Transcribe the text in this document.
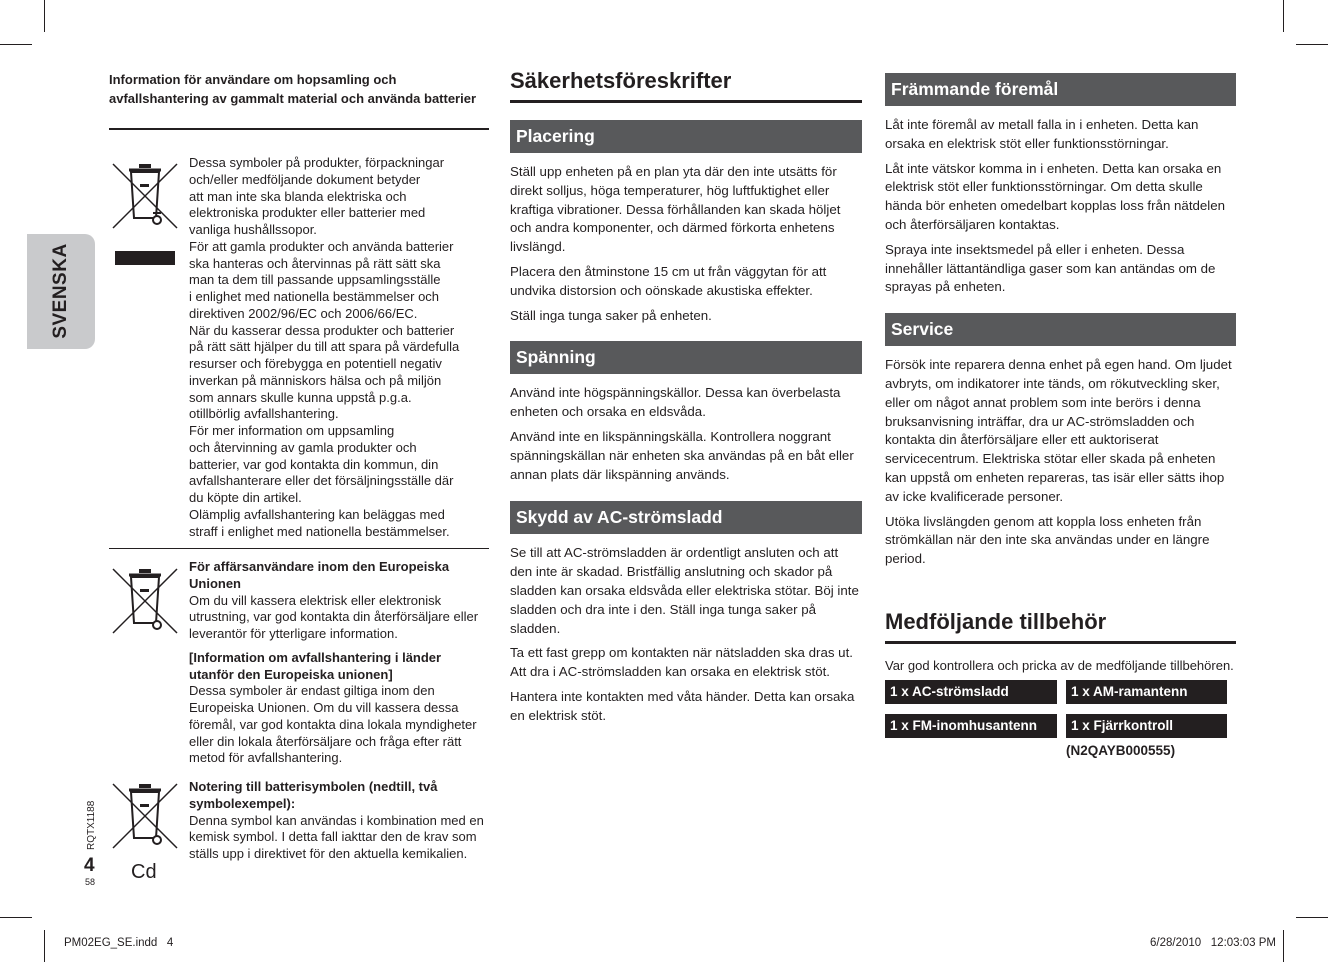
SVENSKA

Information för användare om hopsamling och avfallshantering av gammalt material och använda batterier

Dessa symboler på produkter, förpackningar
och/eller medföljande dokument betyder
att man inte ska blanda elektriska och
elektroniska produkter eller batterier med
vanliga hushållssopor.
För att gamla produkter och använda batterier
ska hanteras och återvinnas på rätt sätt ska
man ta dem till passande uppsamlingsställe
i enlighet med nationella bestämmelser och
direktiven 2002/96/EC och 2006/66/EC.
När du kasserar dessa produkter och batterier
på rätt sätt hjälper du till att spara på värdefulla
resurser och förebygga en potentiell negativ
inverkan på människors hälsa och på miljön
som annars skulle kunna uppstå p.g.a.
otillbörlig avfallshantering.
För mer information om uppsamling
och återvinning av gamla produkter och
batterier, var god kontakta din kommun, din
avfallshanterare eller det försäljningsställe där
du köpte din artikel.
Olämplig avfallshantering kan beläggas med
straff i enlighet med nationella bestämmelser.
För affärsanvändare inom den Europeiska Unionen
Om du vill kassera elektrisk eller elektronisk utrustning, var god kontakta din återförsäljare eller leverantör för ytterligare information.
[Information om avfallshantering i länder utanför den Europeiska unionen]
Dessa symboler är endast giltiga inom den Europeiska Unionen. Om du vill kassera dessa föremål, var god kontakta dina lokala myndigheter eller din lokala återförsäljare och fråga efter rätt metod för avfallshantering.
Cd
Notering till batterisymbolen (nedtill, två symbolexempel):
Denna symbol kan användas i kombination med en kemisk symbol. I detta fall iakttar den de krav som ställs upp i direktivet för den aktuella kemikalien.
RQTX1188
4
58
Säkerhetsföreskrifter
Placering

Ställ upp enheten på en plan yta där den inte utsätts för direkt solljus, höga temperaturer, hög luftfuktighet eller kraftiga vibrationer. Dessa förhållanden kan skada höljet och andra komponenter, och därmed förkorta enhetens livslängd.

Placera den åtminstone 15 cm ut från väggytan för att undvika distorsion och oönskade akustiska effekter.

Ställ inga tunga saker på enheten.

Spänning

Använd inte högspänningskällor. Dessa kan överbelasta enheten och orsaka en eldsvåda.

Använd inte en likspänningskälla. Kontrollera noggrant spänningskällan när enheten ska användas på en båt eller annan plats där likspänning används.

Skydd av AC-strömsladd

Se till att AC-strömsladden är ordentligt ansluten och att den inte är skadad. Bristfällig anslutning och skador på sladden kan orsaka eldsvåda eller elektriska stötar. Böj inte sladden och dra inte i den. Ställ inga tunga saker på sladden.

Ta ett fast grepp om kontakten när nätsladden ska dras ut. Att dra i AC-strömsladden kan orsaka en elektrisk stöt.

Hantera inte kontakten med våta händer. Detta kan orsaka en elektrisk stöt.

Främmande föremål

Låt inte föremål av metall falla in i enheten. Detta kan orsaka en elektrisk stöt eller funktionsstörningar.

Låt inte vätskor komma in i enheten. Detta kan orsaka en elektrisk stöt eller funktionsstörningar. Om detta skulle hända bör enheten omedelbart kopplas loss från nätdelen och återförsäljaren kontaktas.

Spraya inte insektsmedel på eller i enheten. Dessa innehåller lättantändliga gaser som kan antändas om de sprayas på enheten.

Service

Försök inte reparera denna enhet på egen hand. Om ljudet avbryts, om indikatorer inte tänds, om rökutveckling sker, eller om något annat problem som inte berörs i denna bruksanvisning inträffar, dra ur AC-strömsladden och kontakta din återförsäljare eller ett auktoriserat servicecentrum. Elektriska stötar eller skada på enheten kan uppstå om enheten repareras, tas isär eller sätts ihop av icke kvalificerade personer.

Utöka livslängden genom att koppla loss enheten från strömkällan när den inte ska användas under en längre period.

Medföljande tillbehör

Var god kontrollera och pricka av de medföljande tillbehören.

1 x AC-strömsladd	1 x AM-ramantenn
1 x FM-inomhusantenn	1 x Fjärrkontroll
(N2QAYB000555)
PM02EG_SE.indd   4	6/28/2010   12:03:03 PM
